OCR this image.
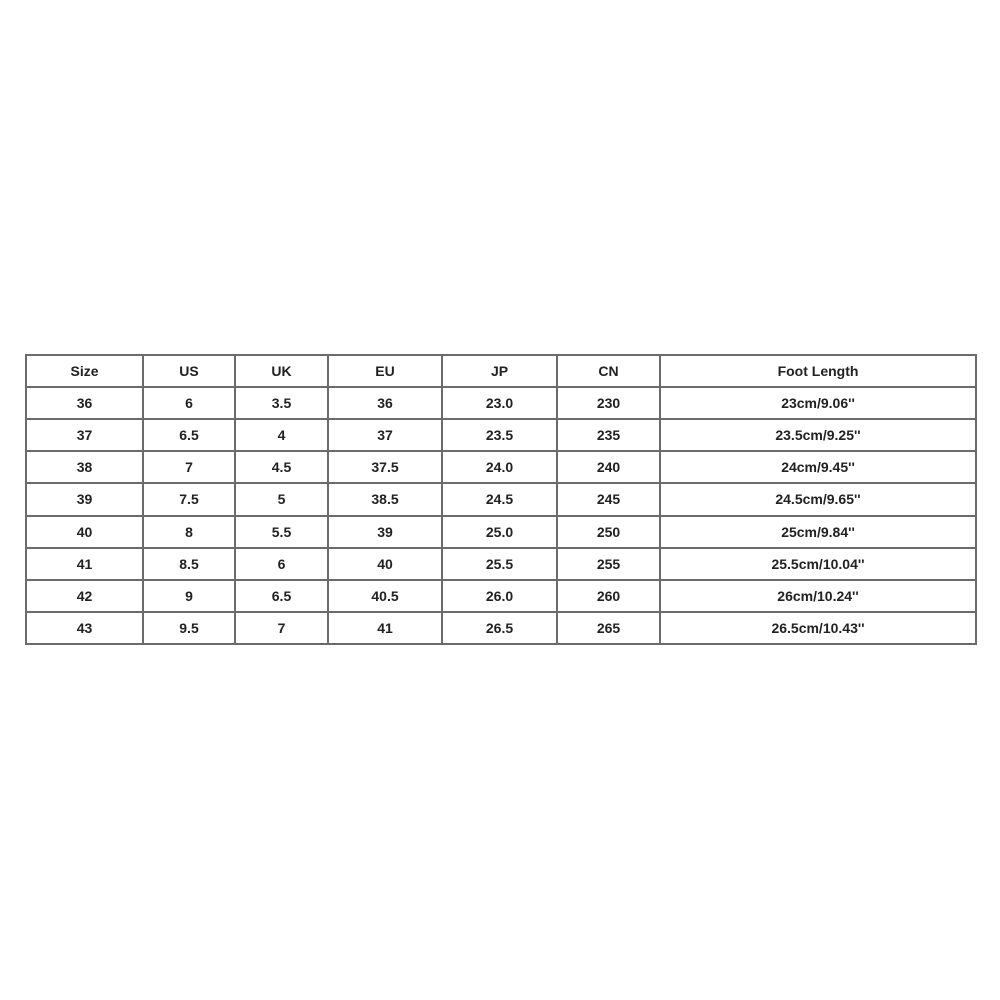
Size	US	UK	EU	JP	CN	Foot Length
36	6	3.5	36	23.0	230	23cm/9.06''
37	6.5	4	37	23.5	235	23.5cm/9.25''
38	7	4.5	37.5	24.0	240	24cm/9.45''
39	7.5	5	38.5	24.5	245	24.5cm/9.65''
40	8	5.5	39	25.0	250	25cm/9.84''
41	8.5	6	40	25.5	255	25.5cm/10.04''
42	9	6.5	40.5	26.0	260	26cm/10.24''
43	9.5	7	41	26.5	265	26.5cm/10.43''
